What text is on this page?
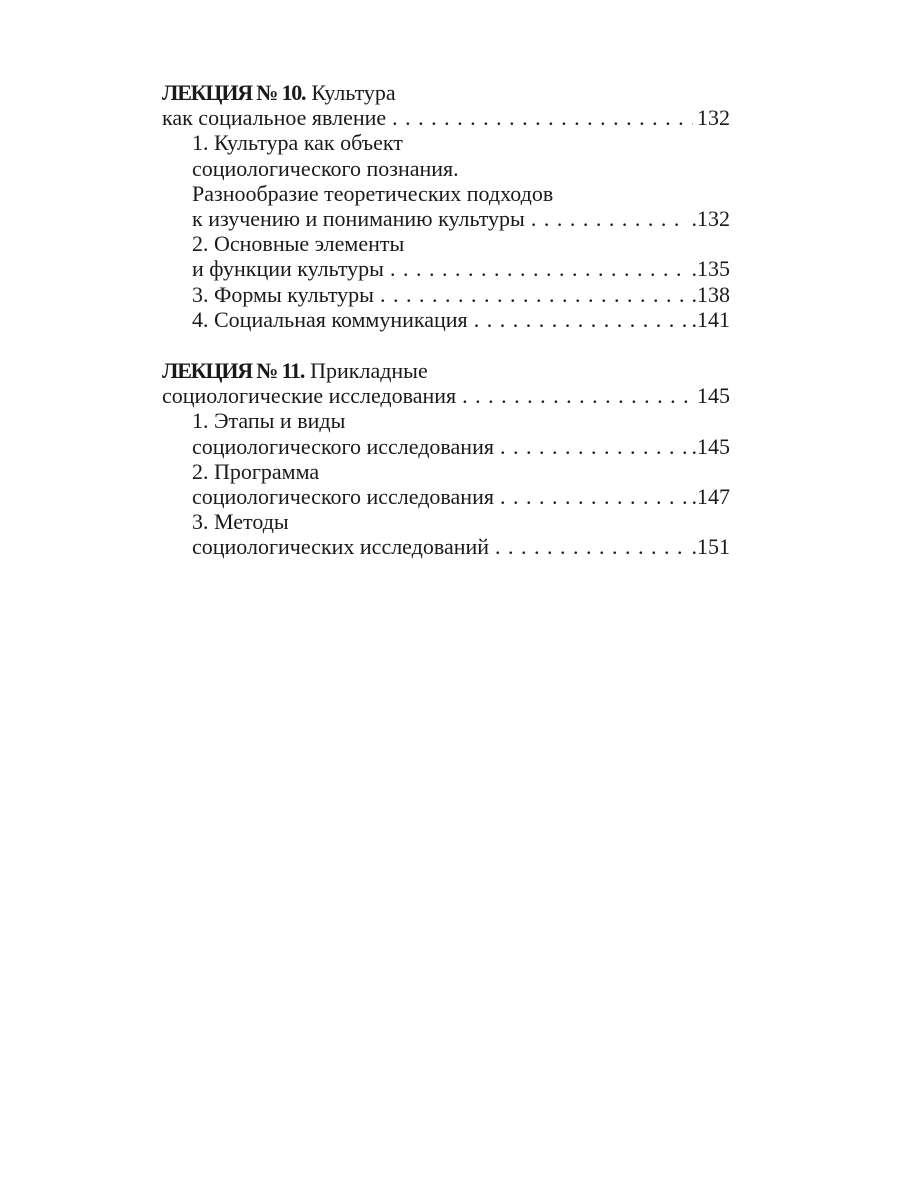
ЛЕКЦИЯ № 10. Культура
как социальное явление . . .	132
1. Культура как объект
социологического познания.
Разнообразие теоретических подходов
к изучению и пониманию культуры . . .	.132
2. Основные элементы
и функции культуры . . .	.135
3. Формы культуры . . .	.138
4. Социальная коммуникация . . .	.141
ЛЕКЦИЯ № 11. Прикладные
социологические исследования . . .	145
1. Этапы и виды
социологического исследования . . .	.145
2. Программа
социологического исследования . . .	.147
3. Методы
социологических исследований . . .	.151
